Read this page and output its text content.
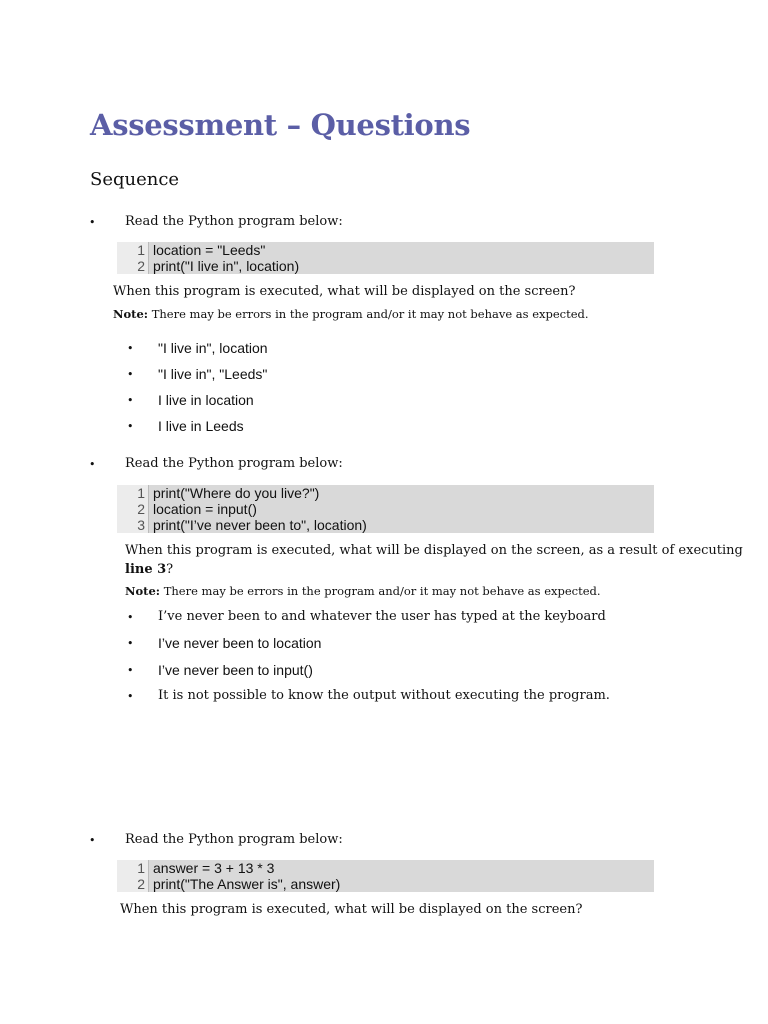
Assessment – Questions
Sequence
• Read the Python program below:
1 location = "Leeds"
2 print("I live in", location)
When this program is executed, what will be displayed on the screen?
Note: There may be errors in the program and/or it may not behave as expected.
• "I live in", location
• "I live in", "Leeds"
• I live in location
• I live in Leeds
• Read the Python program below:
1 print("Where do you live?")
2 location = input()
3 print("I’ve never been to", location)
When this program is executed, what will be displayed on the screen, as a result of executing
line 3?
Note: There may be errors in the program and/or it may not behave as expected.
• I’ve never been to and whatever the user has typed at the keyboard
• I’ve never been to location
• I’ve never been to input()
• It is not possible to know the output without executing the program.
• Read the Python program below:
1 answer = 3 + 13 * 3
2 print("The Answer is", answer)
When this program is executed, what will be displayed on the screen?
